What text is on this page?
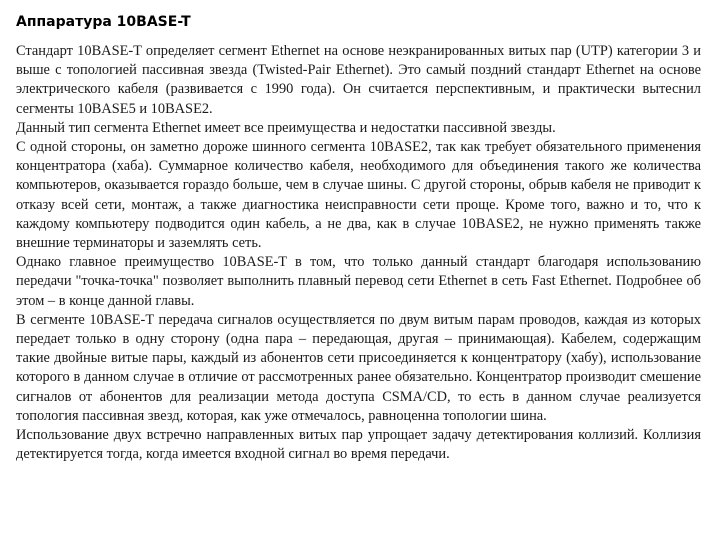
Аппаратура 10BASE-T

Стандарт 10BASE-T определяет сегмент Ethernet на основе неэкранированных витых пар (UTP) категории 3 и выше с топологией пассивная звезда (Twisted-Pair Ethernet). Это самый поздний стандарт Ethernet на основе электрического кабеля (развивается с 1990 года). Он считается перспективным, и практически вытеснил сегменты 10BASE5 и 10BASE2.

Данный тип сегмента Ethernet имеет все преимущества и недостатки пассивной звезды.

С одной стороны, он заметно дороже шинного сегмента 10BASE2, так как требует обязательного применения концентратора (хаба). Суммарное количество кабеля, необходимого для объединения такого же количества компьютеров, оказывается гораздо больше, чем в случае шины. С другой стороны, обрыв кабеля не приводит к отказу всей сети, монтаж, а также диагностика неисправности сети проще. Кроме того, важно и то, что к каждому компьютеру подводится один кабель, а не два, как в случае 10BASE2, не нужно применять также внешние терминаторы и заземлять сеть.

Однако главное преимущество 10BASE-T в том, что только данный стандарт благодаря использованию передачи "точка-точка" позволяет выполнить плавный перевод сети Ethernet в сеть Fast Ethernet. Подробнее об этом – в конце данной главы.

В сегменте 10BASE-T передача сигналов осуществляется по двум витым парам проводов, каждая из которых передает только в одну сторону (одна пара – передающая, другая – принимающая). Кабелем, содержащим такие двойные витые пары, каждый из абонентов сети присоединяется к концентратору (хабу), использование которого в данном случае в отличие от рассмотренных ранее обязательно. Концентратор производит смешение сигналов от абонентов для реализации метода доступа CSMA/CD, то есть в данном случае реализуется топология пассивная звезд, которая, как уже отмечалось, равноценна топологии шина.

Использование двух встречно направленных витых пар упрощает задачу детектирования коллизий. Коллизия детектируется тогда, когда имеется входной сигнал во время передачи.
